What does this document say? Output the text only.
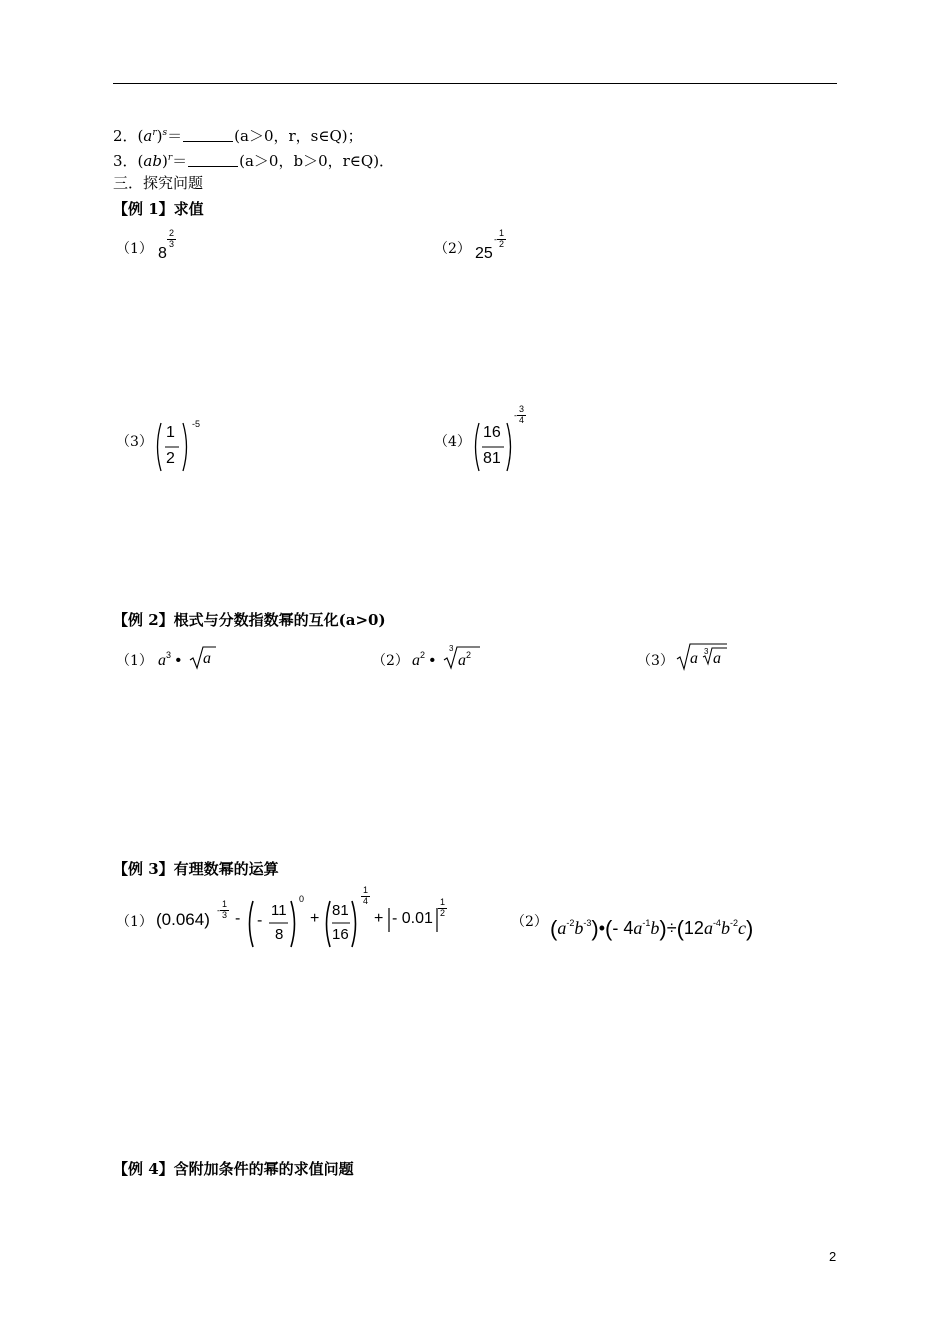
2．$(a^r)^s=$	(a＞0，r，s∈Q)；
3．(ab)$^r$＝	(a＞0，b＞0，r∈Q)．
三．探究问题
【例 1】求值
（1） 8
$\frac{2}{3}$	（2） 25
- $\frac{1}{2}$
（3）
1
2
-5
（4）
16
81
- $\frac{3}{4}$
【例 2】根式与分数指数幂的互化(a>0)
（1） $a^3$ • a	（2） $a^2$ •
3
$a^2$	（3） a 3 a
【例 3】有理数幂的运算
（1） $(0.064) - \frac{1}{3}$ - -
11
8
0
+ 81
16
$\frac{1}{4}$
+ - $0.01 \frac{1}{2}$
（2） $(a^{-2}b^{-3})•(-$ $4a^{-1}b)\div(12a^{-4}b^{-2}c)$
【例 4】含附加条件的幂的求值问题
2
